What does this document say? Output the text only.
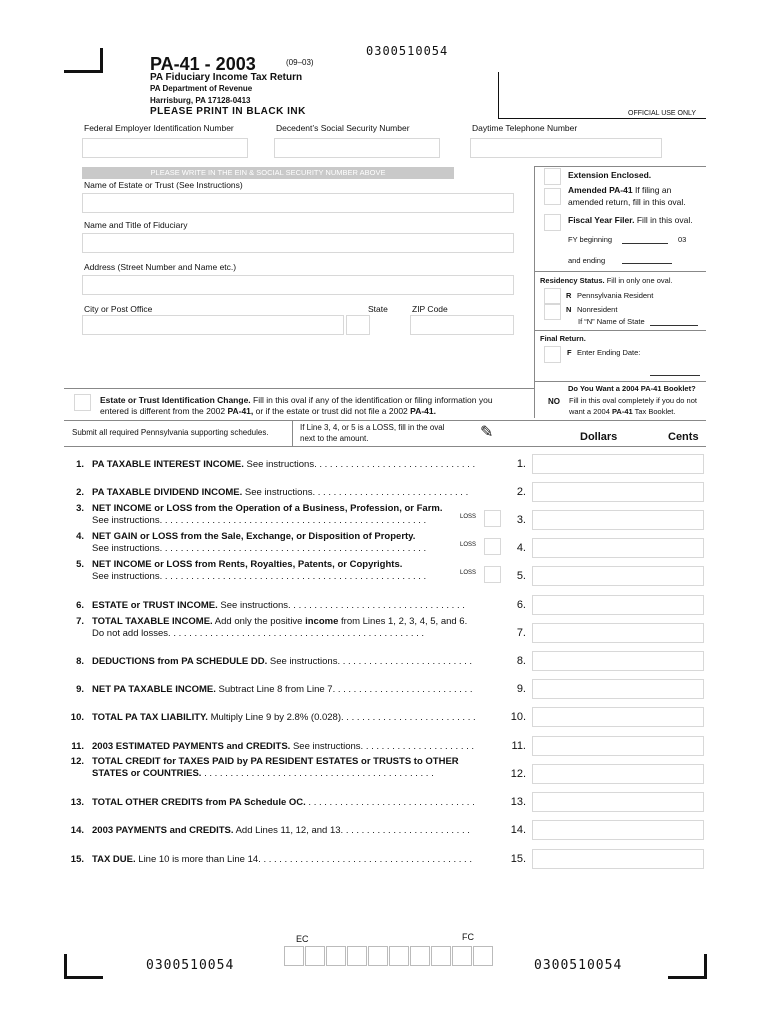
PA-41 - 2003	(09–03)
0300510054
PA Fiduciary Income Tax Return
PA Department of Revenue
Harrisburg, PA 17128-0413
PLEASE PRINT IN BLACK INK	OFFICIAL USE ONLY
Federal Employer Identification Number	Decedent’s Social Security Number	Daytime Telephone Number
PLEASE WRITE IN THE EIN & SOCIAL SECURITY NUMBER ABOVE
Name of Estate or Trust (See Instructions)
Name and Title of Fiduciary
Address (Street Number and Name etc.)
City or Post Office	State	ZIP Code
Extension Enclosed.
Amended PA-41 If filing an
amended return, fill in this oval.
Fiscal Year Filer. Fill in this oval.
FY beginning	03
and ending
Residency Status. Fill in only one oval.
R Pennsylvania Resident
N Nonresident
If “N” Name of State
Final Return.
F Enter Ending Date:
Do You Want a 2004 PA-41 Booklet?
NO Fill in this oval completely if you do not
want a 2004 PA-41 Tax Booklet.
Estate or Trust Identification Change. Fill in this oval if any of the identification or filing information you
entered is different from the 2002 PA-41, or if the estate or trust did not file a 2002 PA-41.
Submit all required Pennsylvania supporting schedules.
If Line 3, 4, or 5 is a LOSS, fill in the oval
next to the amount.	✎	Dollars	Cents
1. PA TAXABLE INTEREST INCOME. See instructions. . . . . . . . . . . . . . . . . . . . . . . . . . . . . . .	1.
2. PA TAXABLE DIVIDEND INCOME. See instructions. . . . . . . . . . . . . . . . . . . . . . . . . . . . . .	2.
3. NET INCOME or LOSS from the Operation of a Business, Profession, or Farm.
See instructions. . . . . . . . . . . . . . . . . . . . . . . . . . . . . . . . . . . . . . . . . . . . . . . . . . .	LOSS	3.
4. NET GAIN or LOSS from the Sale, Exchange, or Disposition of Property.
See instructions. . . . . . . . . . . . . . . . . . . . . . . . . . . . . . . . . . . . . . . . . . . . . . . . . . .	LOSS	4.
5. NET INCOME or LOSS from Rents, Royalties, Patents, or Copyrights.
See instructions. . . . . . . . . . . . . . . . . . . . . . . . . . . . . . . . . . . . . . . . . . . . . . . . . . .	LOSS	5.
6. ESTATE or TRUST INCOME. See instructions. . . . . . . . . . . . . . . . . . . . . . . . . . . . . . . . . .	6.
7. TOTAL TAXABLE INCOME. Add only the positive income from Lines 1, 2, 3, 4, 5, and 6.
Do not add losses. . . . . . . . . . . . . . . . . . . . . . . . . . . . . . . . . . . . . . . . . . . . . . . . .	7.
8. DEDUCTIONS from PA SCHEDULE DD. See instructions. . . . . . . . . . . . . . . . . . . . . . . . . .	8.
9. NET PA TAXABLE INCOME. Subtract Line 8 from Line 7. . . . . . . . . . . . . . . . . . . . . . . . . . .	9.
10. TOTAL PA TAX LIABILITY. Multiply Line 9 by 2.8% (0.028). . . . . . . . . . . . . . . . . . . . . . . . . .	10.
11. 2003 ESTIMATED PAYMENTS and CREDITS. See instructions. . . . . . . . . . . . . . . . . . . . . .	11.
12. TOTAL CREDIT for TAXES PAID by PA RESIDENT ESTATES or TRUSTS to OTHER
STATES or COUNTRIES. . . . . . . . . . . . . . . . . . . . . . . . . . . . . . . . . . . . . . . . . . . . .	12.
13. TOTAL OTHER CREDITS from PA Schedule OC. . . . . . . . . . . . . . . . . . . . . . . . . . . . . . . . .	13.
14. 2003 PAYMENTS and CREDITS. Add Lines 11, 12, and 13. . . . . . . . . . . . . . . . . . . . . . . . .	14.
15. TAX DUE. Line 10 is more than Line 14. . . . . . . . . . . . . . . . . . . . . . . . . . . . . . . . . . . . . . . . .	15.
EC	FC
0300510054	0300510054
